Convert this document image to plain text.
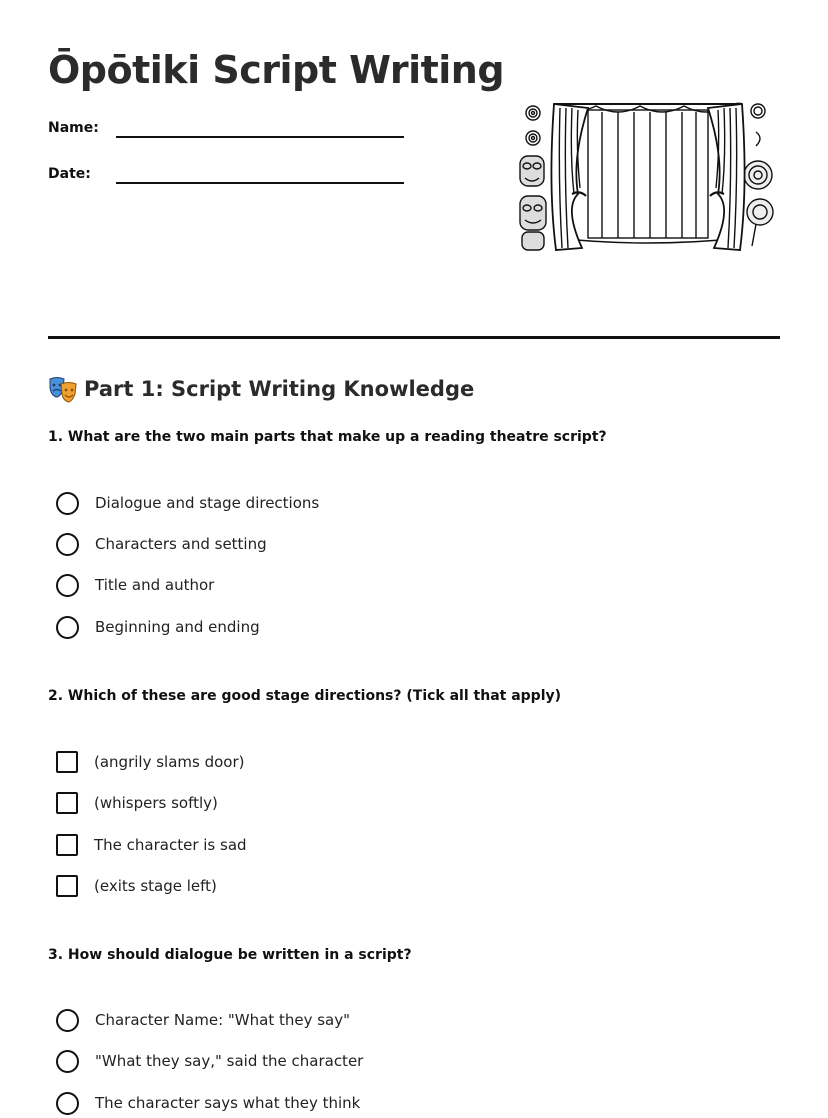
Ōpōtiki Script Writing
Name:
Date:
Part 1: Script Writing Knowledge

1. What are the two main parts that make up a reading theatre script?

Dialogue and stage directions
Characters and setting
Title and author
Beginning and ending

2. Which of these are good stage directions? (Tick all that apply)

(angrily slams door)
(whispers softly)
The character is sad
(exits stage left)

3. How should dialogue be written in a script?

Character Name: "What they say"
"What they say," said the character
The character says what they think
